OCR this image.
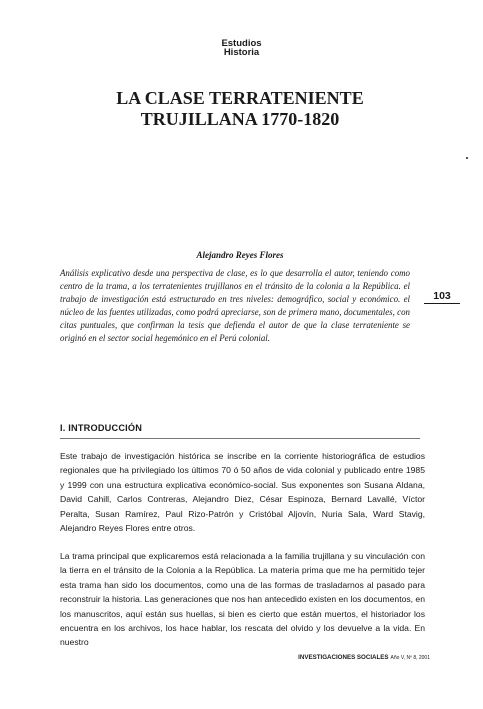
Estudios
Historia
LA CLASE TERRATENIENTE
TRUJILLANA 1770-1820
Alejandro Reyes Flores

Análisis explicativo desde una perspectiva de clase, es lo que desarrolla el autor, teniendo como centro de la trama, a los terratenientes trujillanos en el tránsito de la colonia a la República. el trabajo de investigación está estructurado en tres niveles: demográfico, social y económico. el núcleo de las fuentes utilizadas, como podrá apreciarse, son de primera mano, documentales, con citas puntuales, que confirman la tesis que defienda el autor de que la clase terrateniente se originó en el sector social hegemónico en el Perú colonial.

103
I. INTRODUCCIÓN

Este trabajo de investigación histórica se inscribe en la corriente historiográfica de estudios regionales que ha privilegiado los últimos 70 ó 50 años de vida colonial y publicado entre 1985 y 1999 con una estructura explicativa económico-social. Sus exponentes son Susana Aldana, David Cahill, Carlos Contreras, Alejandro Diez, César Espinoza, Bernard Lavallé, Víctor Peralta, Susan Ramírez, Paul Rizo-Patrón y Cristóbal Aljovín, Nuria Sala, Ward Stavig, Alejandro Reyes Flores entre otros.

La trama principal que explicaremos está relacionada a la familia trujillana y su vinculación con la tierra en el tránsito de la Colonia a la República. La materia prima que me ha permitido tejer esta trama han sido los documentos, como una de las formas de trasladarnos al pasado para reconstruir la historia. Las generaciones que nos han antecedido existen en los documentos, en los manuscritos, aquí están sus huellas, si bien es cierto que están muertos, el historiador los encuentra en los archivos, los hace hablar, los rescata del olvido y los devuelve a la vida. En nuestro

INVESTIGACIONES SOCIALES Año V, Nº 8, 2001
